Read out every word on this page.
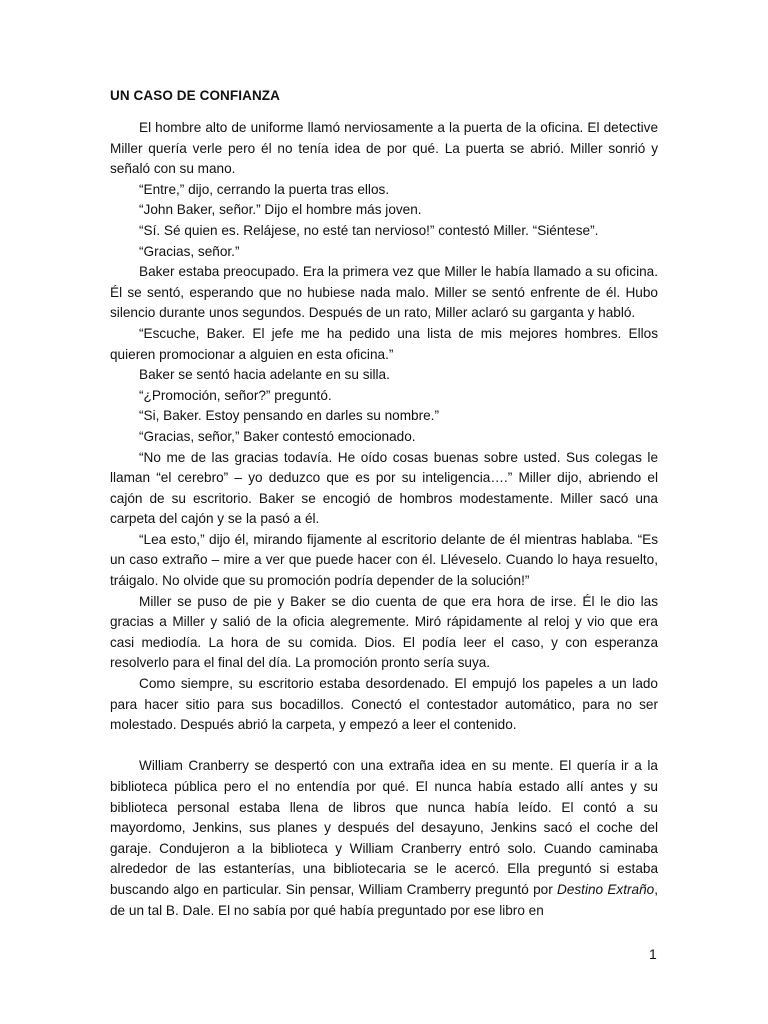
UN CASO DE CONFIANZA

El hombre alto de uniforme llamó nerviosamente a la puerta de la oficina. El detective Miller quería verle pero él no tenía idea de por qué. La puerta se abrió. Miller sonrió y señaló con su mano.

“Entre,” dijo, cerrando la puerta tras ellos.

“John Baker, señor.” Dijo el hombre más joven.

“Sí. Sé quien es. Relájese, no esté tan nervioso!” contestó Miller. “Siéntese”.

“Gracias, señor.”

Baker estaba preocupado. Era la primera vez que Miller le había llamado a su oficina. Él se sentó, esperando que no hubiese nada malo. Miller se sentó enfrente de él. Hubo silencio durante unos segundos. Después de un rato, Miller aclaró su garganta y habló.

“Escuche, Baker. El jefe me ha pedido una lista de mis mejores hombres. Ellos quieren promocionar a alguien en esta oficina.”

Baker se sentó hacia adelante en su silla.

“¿Promoción, señor?” preguntó.

“Si, Baker. Estoy pensando en darles su nombre.”

“Gracias, señor,” Baker contestó emocionado.

“No me de las gracias todavía. He oído cosas buenas sobre usted. Sus colegas le llaman “el cerebro” – yo deduzco que es por su inteligencia….” Miller dijo, abriendo el cajón de su escritorio. Baker se encogió de hombros modestamente. Miller sacó una carpeta del cajón y se la pasó a él.

“Lea esto,” dijo él, mirando fijamente al escritorio delante de él mientras hablaba. “Es un caso extraño – mire a ver que puede hacer con él. Lléveselo. Cuando lo haya resuelto, tráigalo. No olvide que su promoción podría depender de la solución!”

Miller se puso de pie y Baker se dio cuenta de que era hora de irse. Él le dio las gracias a Miller y salió de la oficia alegremente. Miró rápidamente al reloj y vio que era casi mediodía. La hora de su comida. Dios. El podía leer el caso, y con esperanza resolverlo para el final del día. La promoción pronto sería suya.

Como siempre, su escritorio estaba desordenado. El empujó los papeles a un lado para hacer sitio para sus bocadillos. Conectó el contestador automático, para no ser molestado. Después abrió la carpeta, y empezó a leer el contenido.

William Cranberry se despertó con una extraña idea en su mente. El quería ir a la biblioteca pública pero el no entendía por qué. El nunca había estado allí antes y su biblioteca personal estaba llena de libros que nunca había leído. El contó a su mayordomo, Jenkins, sus planes y después del desayuno, Jenkins sacó el coche del garaje. Condujeron a la biblioteca y William Cranberry entró solo. Cuando caminaba alrededor de las estanterías, una bibliotecaria se le acercó. Ella preguntó si estaba buscando algo en particular. Sin pensar, William Cramberry preguntó por Destino Extraño, de un tal B. Dale. El no sabía por qué había preguntado por ese libro en

1
